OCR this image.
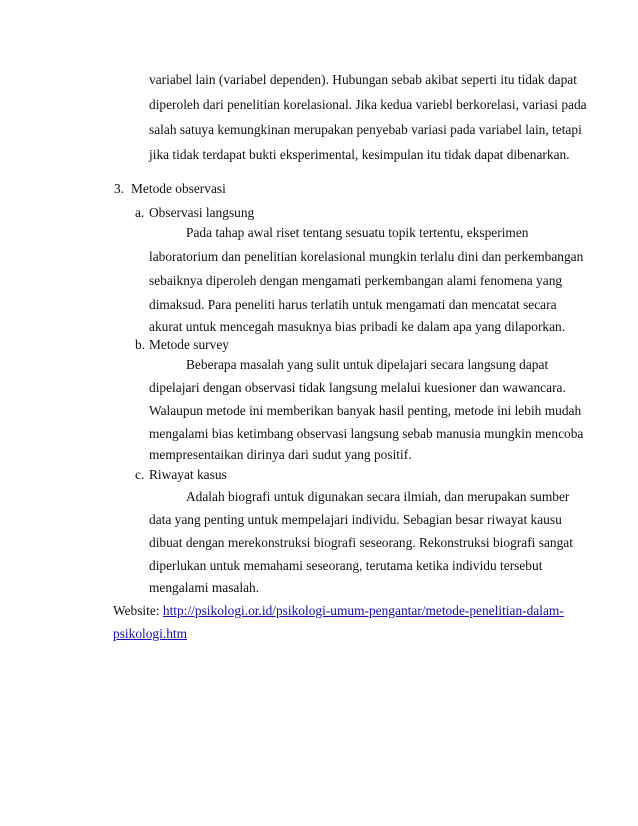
variabel lain (variabel dependen). Hubungan sebab akibat seperti itu tidak dapat
diperoleh dari penelitian korelasional. Jika kedua variebl berkorelasi, variasi pada
salah satuya kemungkinan merupakan penyebab variasi pada variabel lain, tetapi
jika tidak terdapat bukti eksperimental, kesimpulan itu tidak dapat dibenarkan.
3. Metode observasi
a. Observasi langsung
Pada tahap awal riset tentang sesuatu topik tertentu, eksperimen
laboratorium dan penelitian korelasional mungkin terlalu dini dan perkembangan
sebaiknya diperoleh dengan mengamati perkembangan alami fenomena yang
dimaksud. Para peneliti harus terlatih untuk mengamati dan mencatat secara
akurat untuk mencegah masuknya bias pribadi ke dalam apa yang dilaporkan.
b. Metode survey
Beberapa masalah yang sulit untuk dipelajari secara langsung dapat
dipelajari dengan observasi tidak langsung melalui kuesioner dan wawancara.
Walaupun metode ini memberikan banyak hasil penting, metode ini lebih mudah
mengalami bias ketimbang observasi langsung sebab manusia mungkin mencoba
mempresentaikan dirinya dari sudut yang positif.
c. Riwayat kasus
Adalah biografi untuk digunakan secara ilmiah, dan merupakan sumber
data yang penting untuk mempelajari individu. Sebagian besar riwayat kausu
dibuat dengan merekonstruksi biografi seseorang. Rekonstruksi biografi sangat
diperlukan untuk memahami seseorang, terutama ketika individu tersebut
mengalami masalah.
Website: http://psikologi.or.id/psikologi-umum-pengantar/metode-penelitian-dalam-
psikologi.htm
